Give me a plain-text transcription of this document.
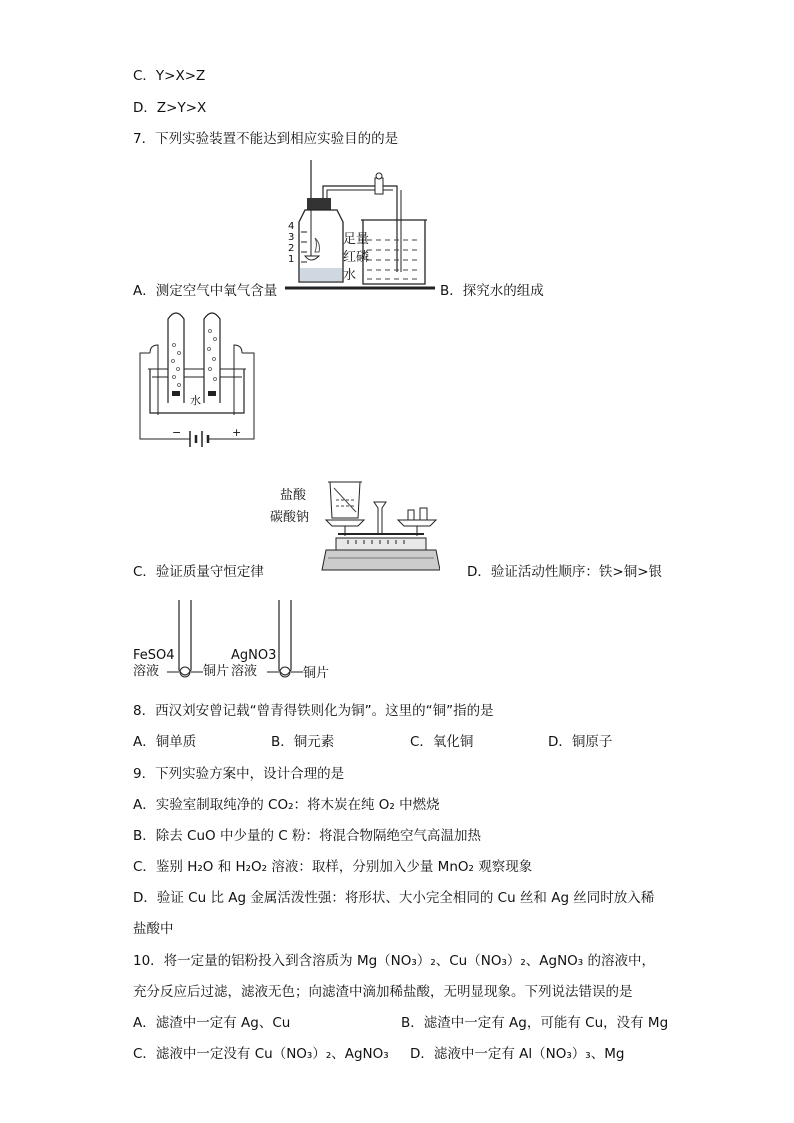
C．Y>X>Z
D．Z>Y>X
7．下列实验装置不能达到相应实验目的的是
4
3
2
1
足量
红磷
水
A．测定空气中氧气含量	B．探究水的组成
−	+
水
盐酸
碳酸钠
C．验证质量守恒定律	D．验证活动性顺序：铁>铜>银
FeSO4
溶液	铜片
AgNO3
溶液	铜片
8．西汉刘安曾记载“曾青得铁则化为铜”。这里的“铜”指的是
A．铜单质	B．铜元素	C．氧化铜	D．铜原子
9．下列实验方案中，设计合理的是
A．实验室制取纯净的 CO₂：将木炭在纯 O₂ 中燃烧
B．除去 CuO 中少量的 C 粉：将混合物隔绝空气高温加热
C．鉴别 H₂O 和 H₂O₂ 溶液：取样，分别加入少量 MnO₂ 观察现象
D．验证 Cu 比 Ag 金属活泼性强：将形状、大小完全相同的 Cu 丝和 Ag 丝同时放入稀
盐酸中
10．将一定量的铝粉投入到含溶质为 Mg（NO₃）₂、Cu（NO₃）₂、AgNO₃ 的溶液中，
充分反应后过滤，滤液无色；向滤渣中滴加稀盐酸，无明显现象。下列说法错误的是
A．滤渣中一定有 Ag、Cu	B．滤渣中一定有 Ag，可能有 Cu，没有 Mg
C．滤液中一定没有 Cu（NO₃）₂、AgNO₃ D．滤液中一定有 Al（NO₃）₃、Mg
